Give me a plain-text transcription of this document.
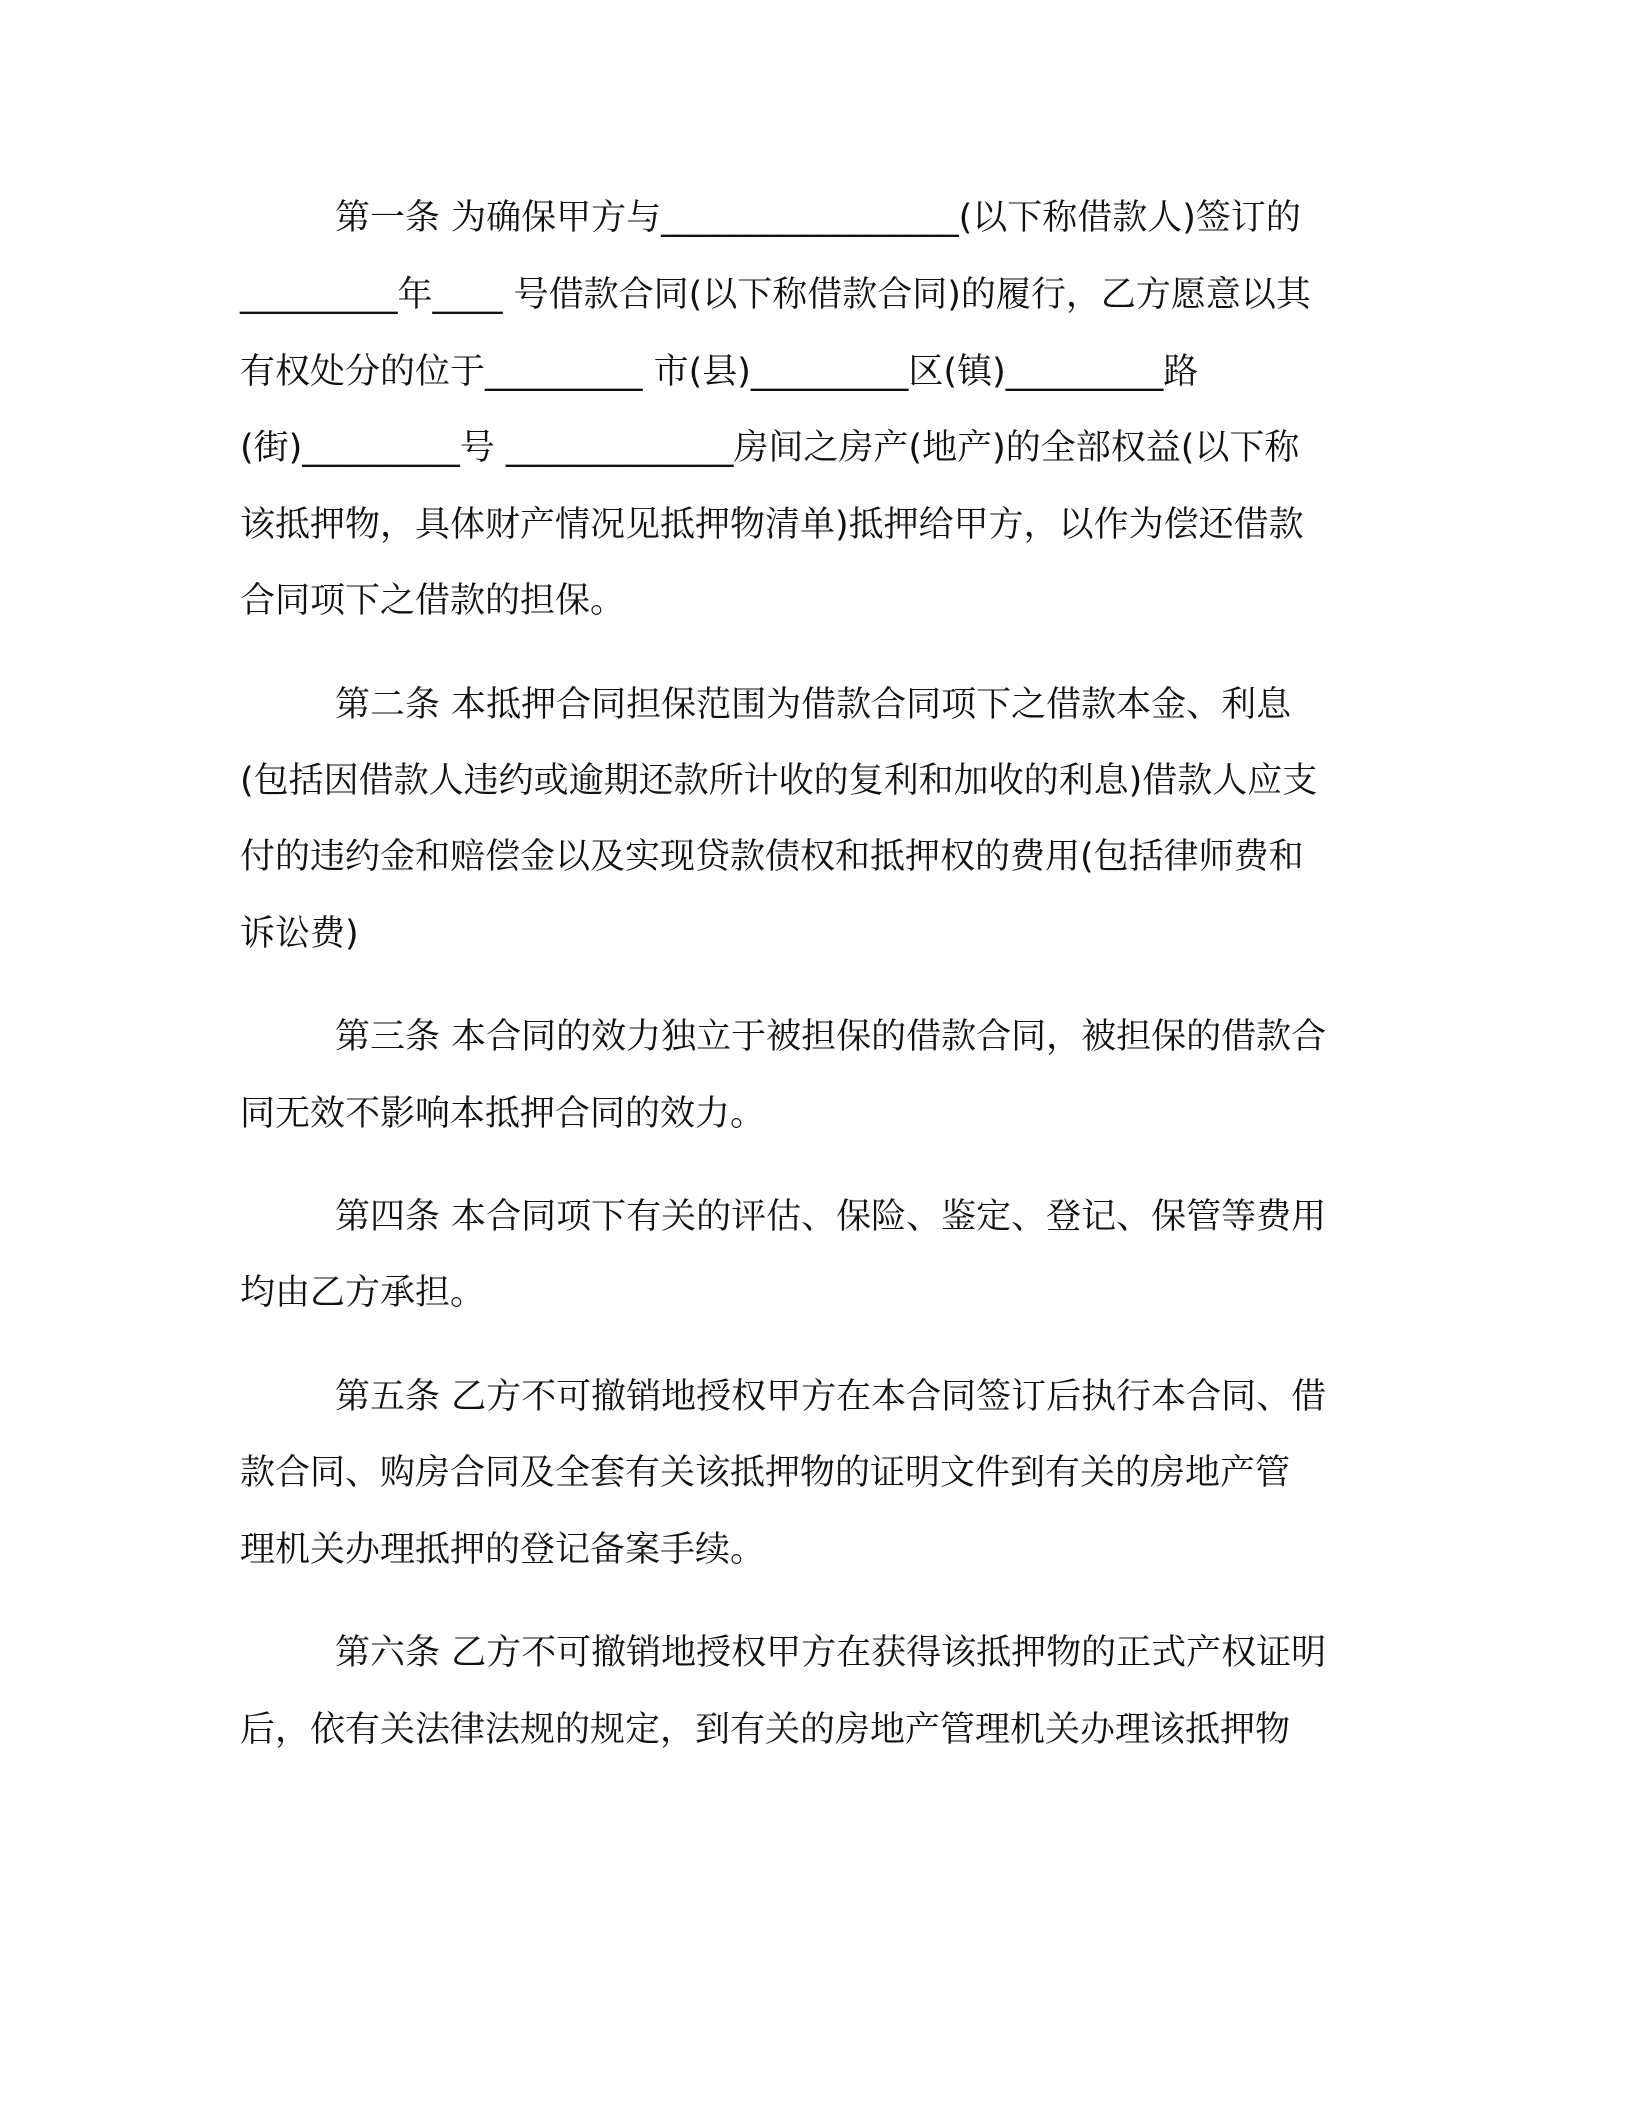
第一条 为确保甲方与_________________(以下称借款人)签订的

_________年____ 号借款合同(以下称借款合同)的履行，乙方愿意以其

有权处分的位于_________ 市(县)_________区(镇)_________路

(街)_________号 _____________房间之房产(地产)的全部权益(以下称

该抵押物，具体财产情况见抵押物清单)抵押给甲方，以作为偿还借款

合同项下之借款的担保。

第二条 本抵押合同担保范围为借款合同项下之借款本金、利息

(包括因借款人违约或逾期还款所计收的复利和加收的利息)借款人应支

付的违约金和赔偿金以及实现贷款债权和抵押权的费用(包括律师费和

诉讼费)

第三条 本合同的效力独立于被担保的借款合同，被担保的借款合

同无效不影响本抵押合同的效力。

第四条 本合同项下有关的评估、保险、鉴定、登记、保管等费用

均由乙方承担。

第五条 乙方不可撤销地授权甲方在本合同签订后执行本合同、借

款合同、购房合同及全套有关该抵押物的证明文件到有关的房地产管

理机关办理抵押的登记备案手续。

第六条 乙方不可撤销地授权甲方在获得该抵押物的正式产权证明

后，依有关法律法规的规定，到有关的房地产管理机关办理该抵押物
